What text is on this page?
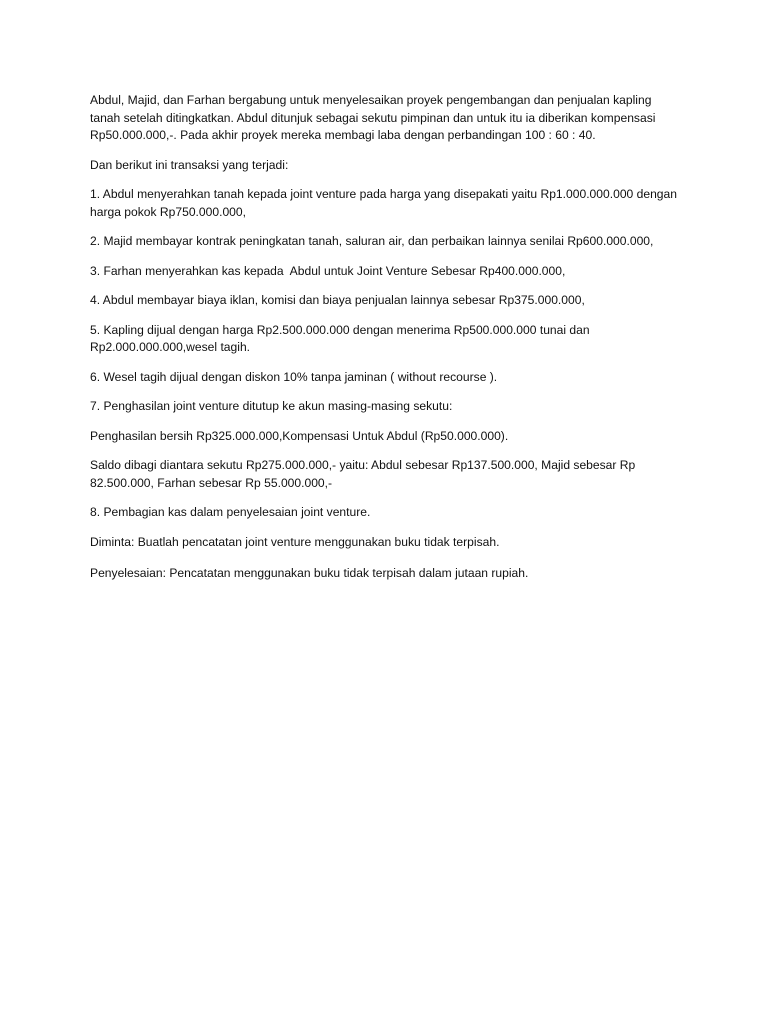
Abdul, Majid, dan Farhan bergabung untuk menyelesaikan proyek pengembangan dan penjualan kapling tanah setelah ditingkatkan. Abdul ditunjuk sebagai sekutu pimpinan dan untuk itu ia diberikan kompensasi Rp50.000.000,-. Pada akhir proyek mereka membagi laba dengan perbandingan 100 : 60 : 40.

Dan berikut ini transaksi yang terjadi:

1. Abdul menyerahkan tanah kepada joint venture pada harga yang disepakati yaitu Rp1.000.000.000 dengan harga pokok Rp750.000.000,

2. Majid membayar kontrak peningkatan tanah, saluran air, dan perbaikan lainnya senilai Rp600.000.000,

3. Farhan menyerahkan kas kepada  Abdul untuk Joint Venture Sebesar Rp400.000.000,

4. Abdul membayar biaya iklan, komisi dan biaya penjualan lainnya sebesar Rp375.000.000,

5. Kapling dijual dengan harga Rp2.500.000.000 dengan menerima Rp500.000.000 tunai dan Rp2.000.000.000,wesel tagih.

6. Wesel tagih dijual dengan diskon 10% tanpa jaminan ( without recourse ).

7. Penghasilan joint venture ditutup ke akun masing-masing sekutu:

Penghasilan bersih Rp325.000.000,Kompensasi Untuk Abdul (Rp50.000.000).

Saldo dibagi diantara sekutu Rp275.000.000,- yaitu: Abdul sebesar Rp137.500.000, Majid sebesar Rp 82.500.000, Farhan sebesar Rp 55.000.000,-

8. Pembagian kas dalam penyelesaian joint venture.

Diminta: Buatlah pencatatan joint venture menggunakan buku tidak terpisah.

Penyelesaian: Pencatatan menggunakan buku tidak terpisah dalam jutaan rupiah.
